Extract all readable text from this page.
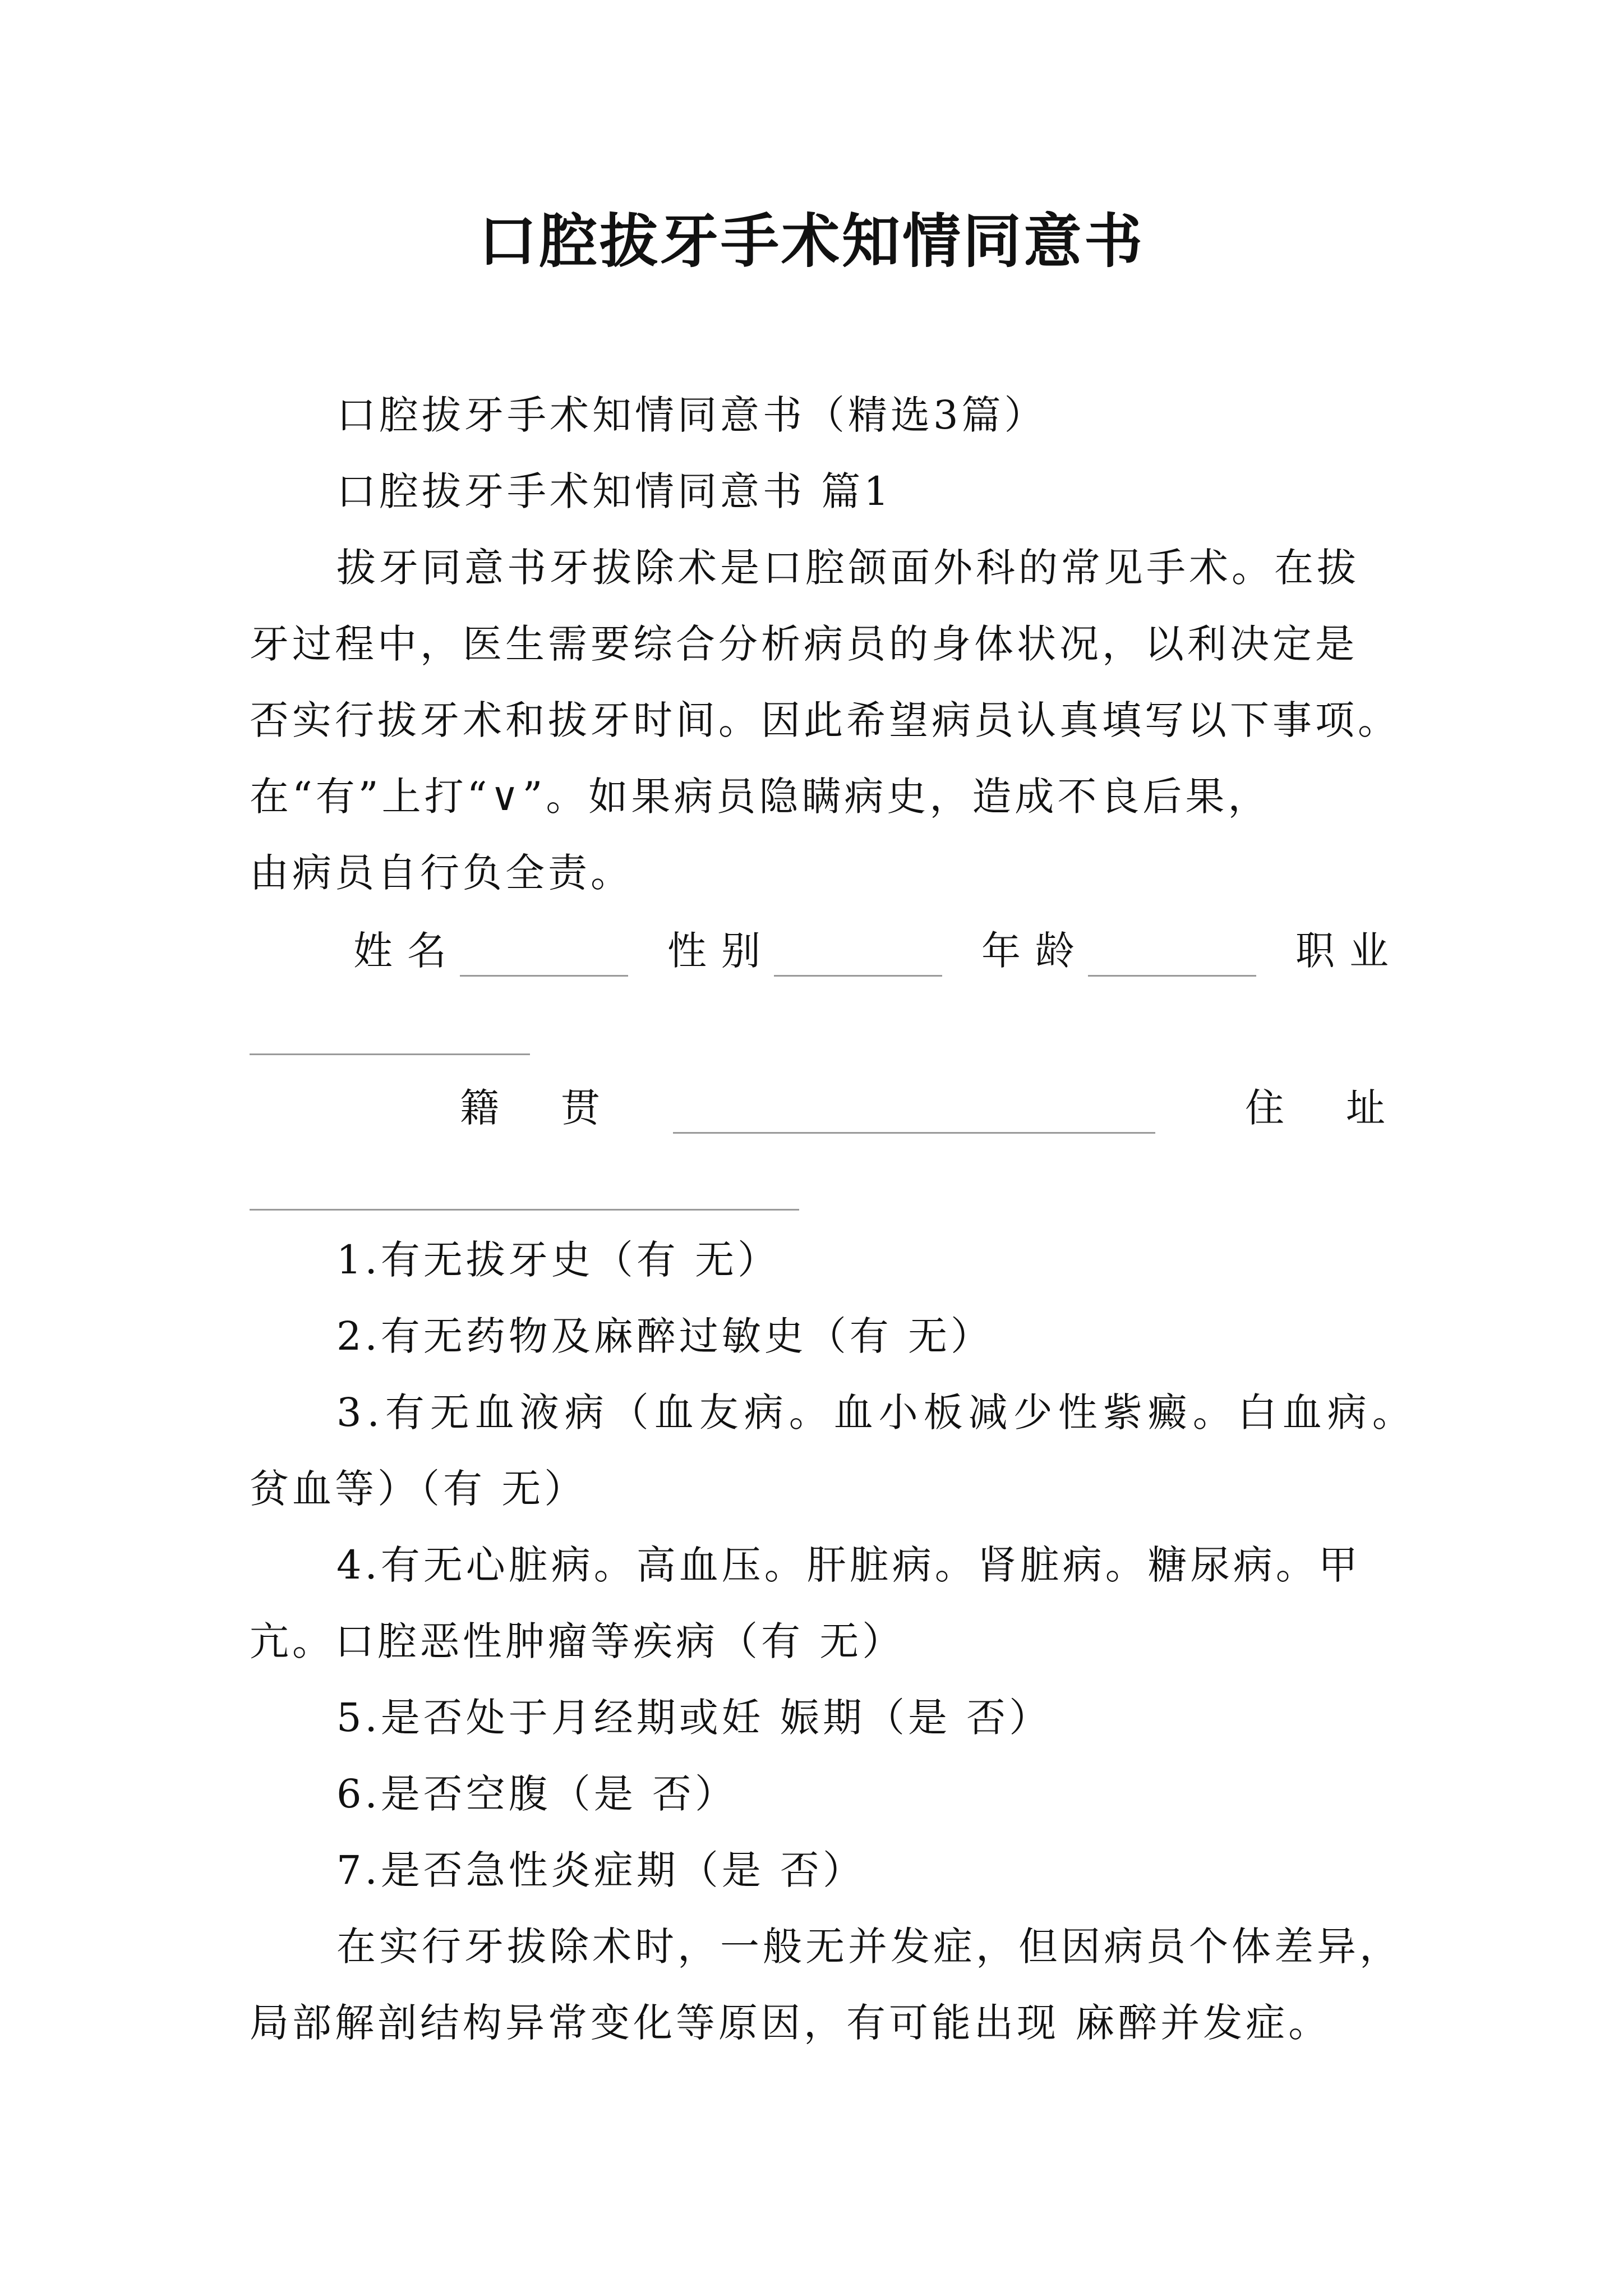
口腔拔牙手术知情同意书
口腔拔牙手术知情同意书（精选3篇）
口腔拔牙手术知情同意书 篇1
拔牙同意书牙拔除术是口腔颌面外科的常见手术。在拔
牙过程中，医生需要综合分析病员的身体状况，以利决定是
否实行拔牙术和拔牙时间。因此希望病员认真填写以下事项。
在“有”上打“∨”。如果病员隐瞒病史，造成不良后果，
由病员自行负全责。
姓名	性别	年龄	职业
籍贯	住址
1.有无拔牙史（有 无）
2.有无药物及麻醉过敏史（有 无）
3.有无血液病（血友病。血小板减少性紫癜。白血病。
贫血等）（有 无）
4.有无心脏病。高血压。肝脏病。肾脏病。糖尿病。甲
亢。口腔恶性肿瘤等疾病（有 无）
5.是否处于月经期或妊 娠期（是 否）
6.是否空腹（是 否）
7.是否急性炎症期（是 否）
在实行牙拔除术时，一般无并发症，但因病员个体差异，
局部解剖结构异常变化等原因，有可能出现 麻醉并发症。
